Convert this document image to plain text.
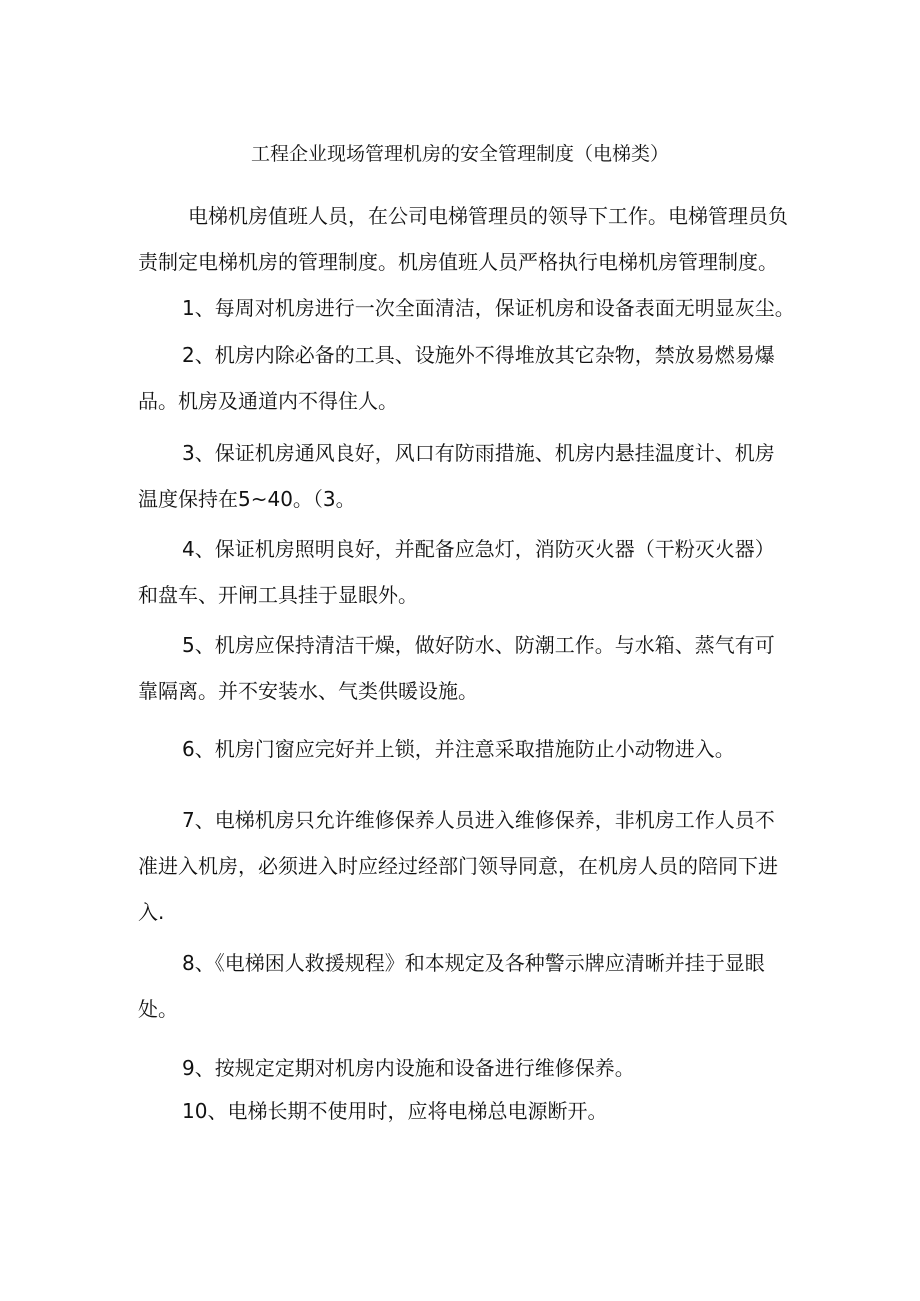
工程企业现场管理机房的安全管理制度（电梯类）

电梯机房值班人员，在公司电梯管理员的领导下工作。电梯管理员负责制定电梯机房的管理制度。机房值班人员严格执行电梯机房管理制度。

1、每周对机房进行一次全面清洁，保证机房和设备表面无明显灰尘。

2、机房内除必备的工具、设施外不得堆放其它杂物，禁放易燃易爆品。机房及通道内不得住人。

3、保证机房通风良好，风口有防雨措施、机房内悬挂温度计、机房温度保持在5~40。（3。

4、保证机房照明良好，并配备应急灯，消防灭火器（干粉灭火器）和盘车、开闸工具挂于显眼外。

5、机房应保持清洁干燥，做好防水、防潮工作。与水箱、蒸气有可靠隔离。并不安装水、气类供暖设施。

6、机房门窗应完好并上锁，并注意采取措施防止小动物进入。

7、电梯机房只允许维修保养人员进入维修保养，非机房工作人员不准进入机房，必须进入时应经过经部门领导同意，在机房人员的陪同下进入.

8、《电梯困人救援规程》和本规定及各种警示牌应清晰并挂于显眼处。

9、按规定定期对机房内设施和设备进行维修保养。

10、电梯长期不使用时，应将电梯总电源断开。
